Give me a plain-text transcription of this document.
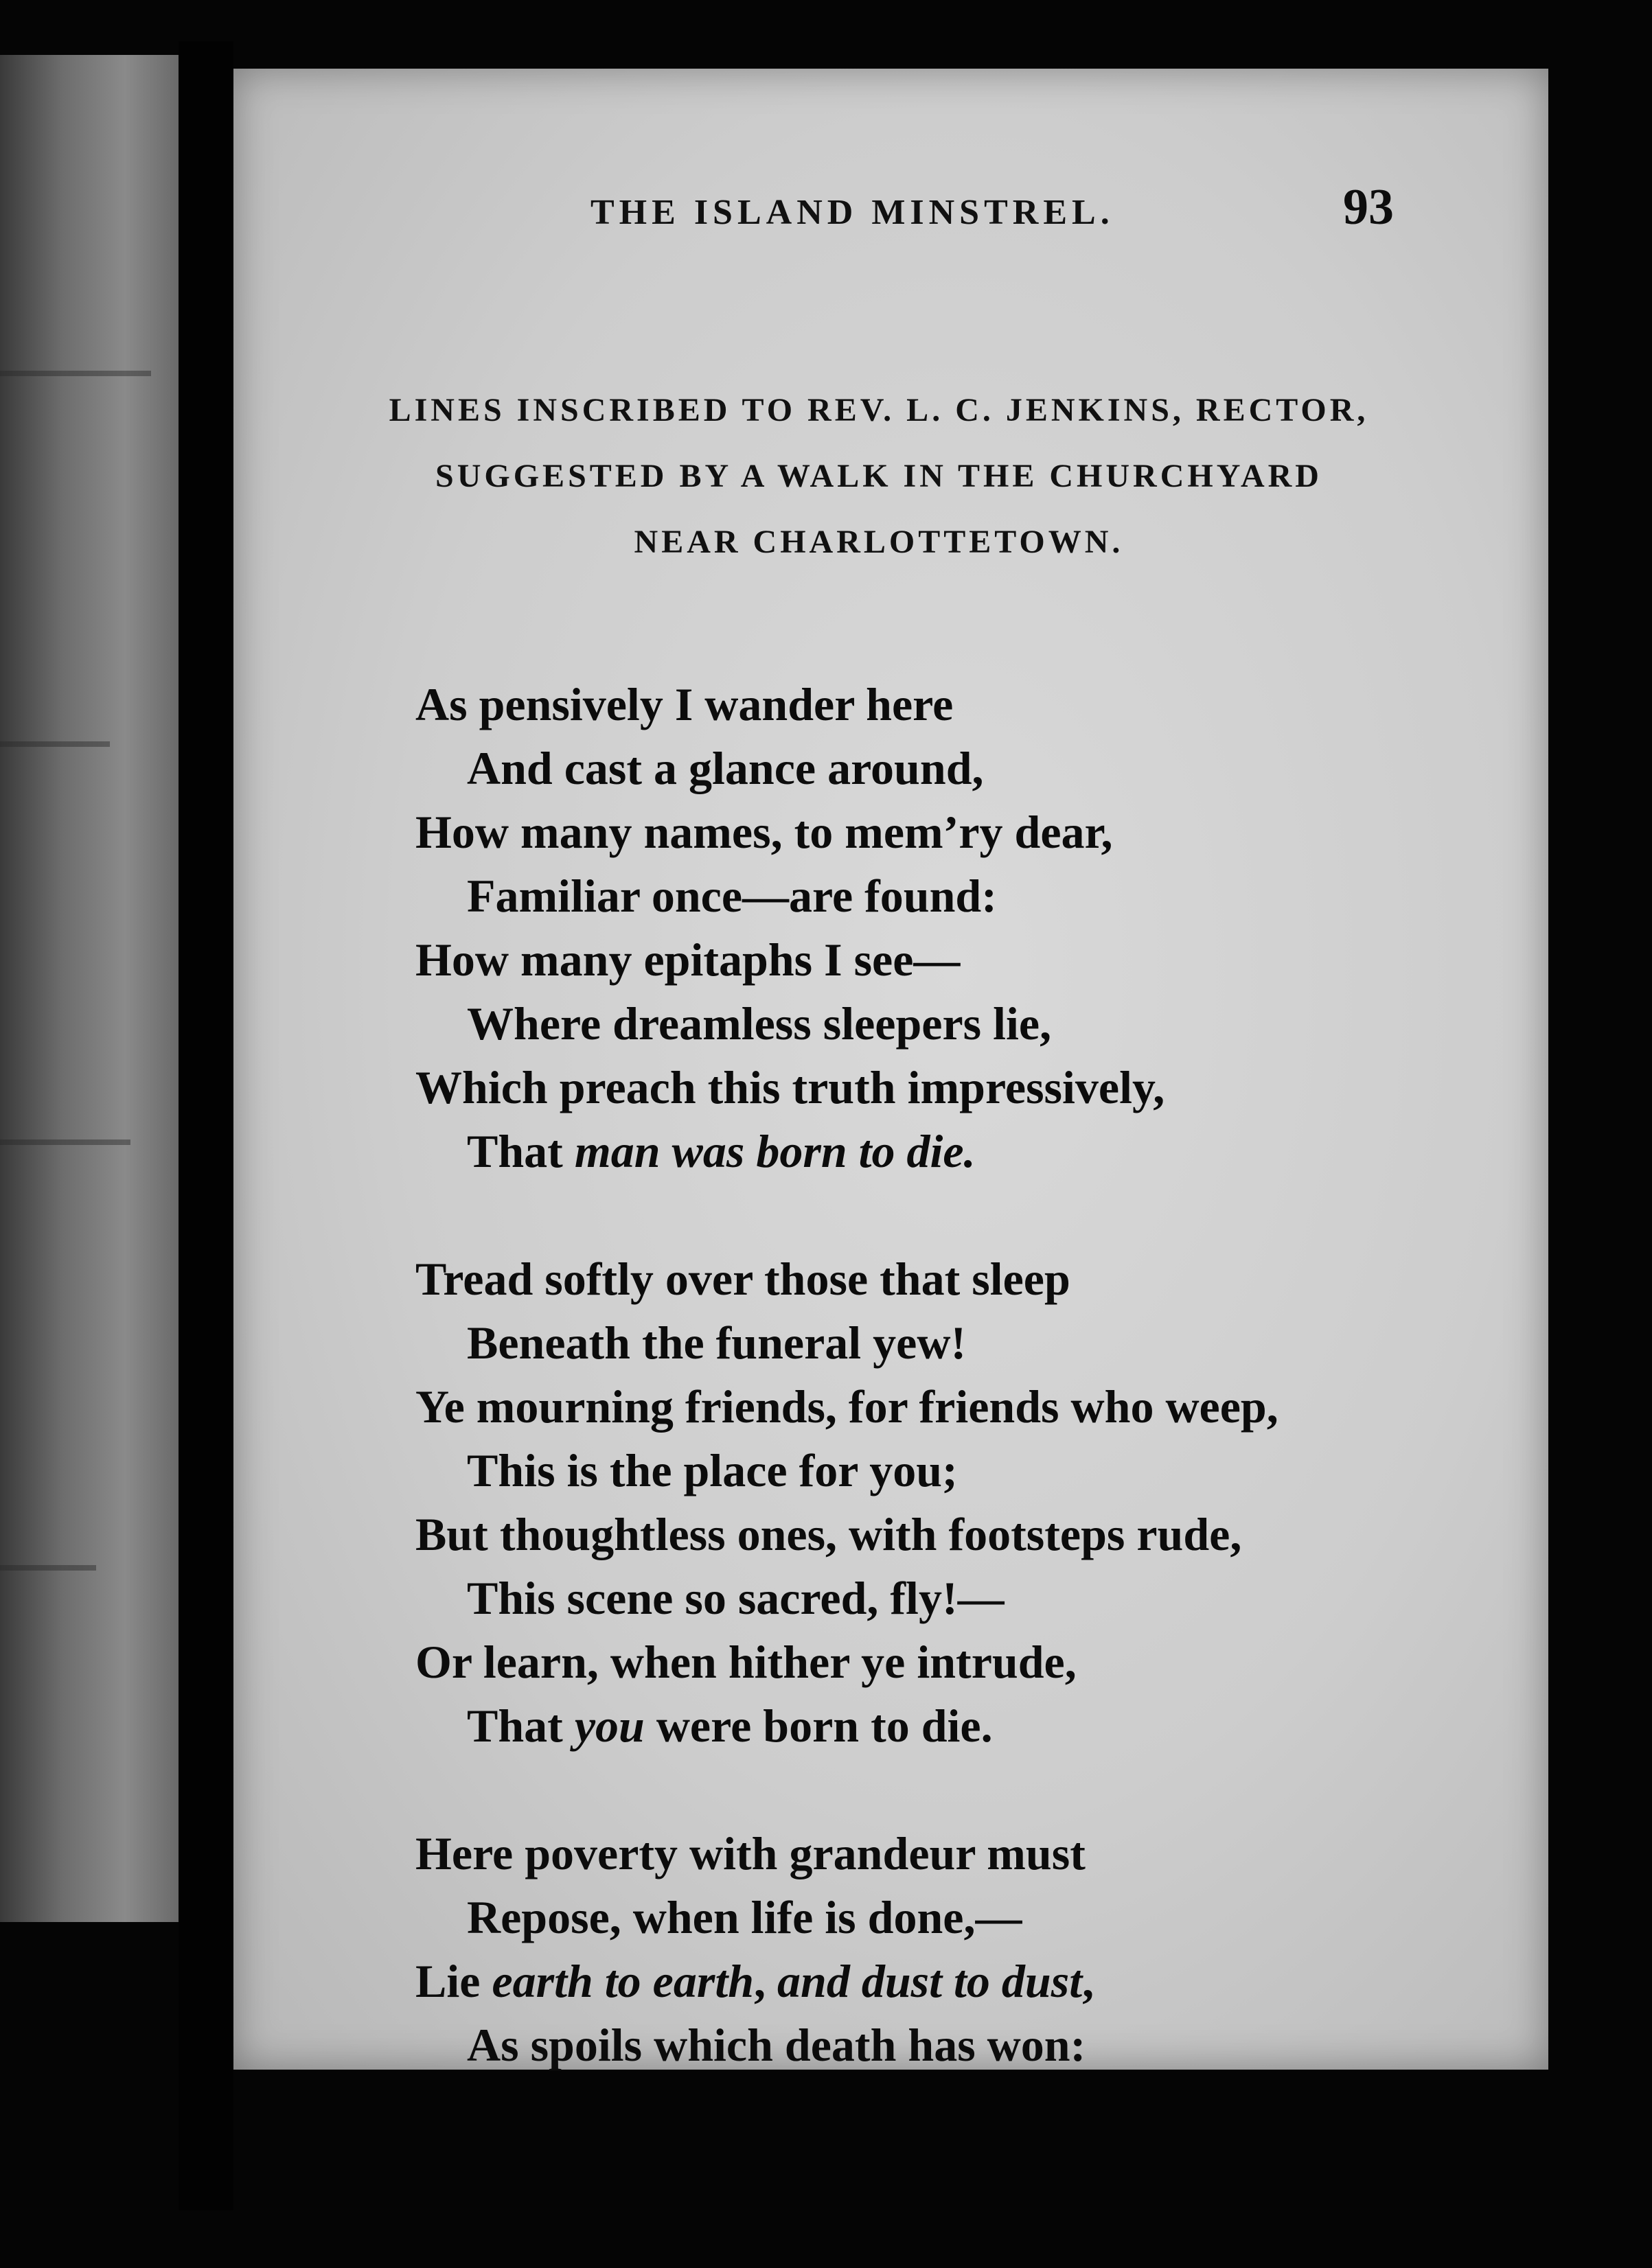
THE ISLAND MINSTREL.	93
LINES INSCRIBED TO REV. L. C. JENKINS, RECTOR,
SUGGESTED BY A WALK IN THE CHURCHYARD
NEAR CHARLOTTETOWN.
As pensively I wander here
And cast a glance around,
How many names, to mem’ry dear,
Familiar once—are found:
How many epitaphs I see—
Where dreamless sleepers lie,
Which preach this truth impressively,
That man was born to die.
Tread softly over those that sleep
Beneath the funeral yew!
Ye mourning friends, for friends who weep,
This is the place for you;
But thoughtless ones, with footsteps rude,
This scene so sacred, fly!—
Or learn, when hither ye intrude,
That you were born to die.
Here poverty with grandeur must
Repose, when life is done,—
Lie earth to earth, and dust to dust,
As spoils which death has won:
